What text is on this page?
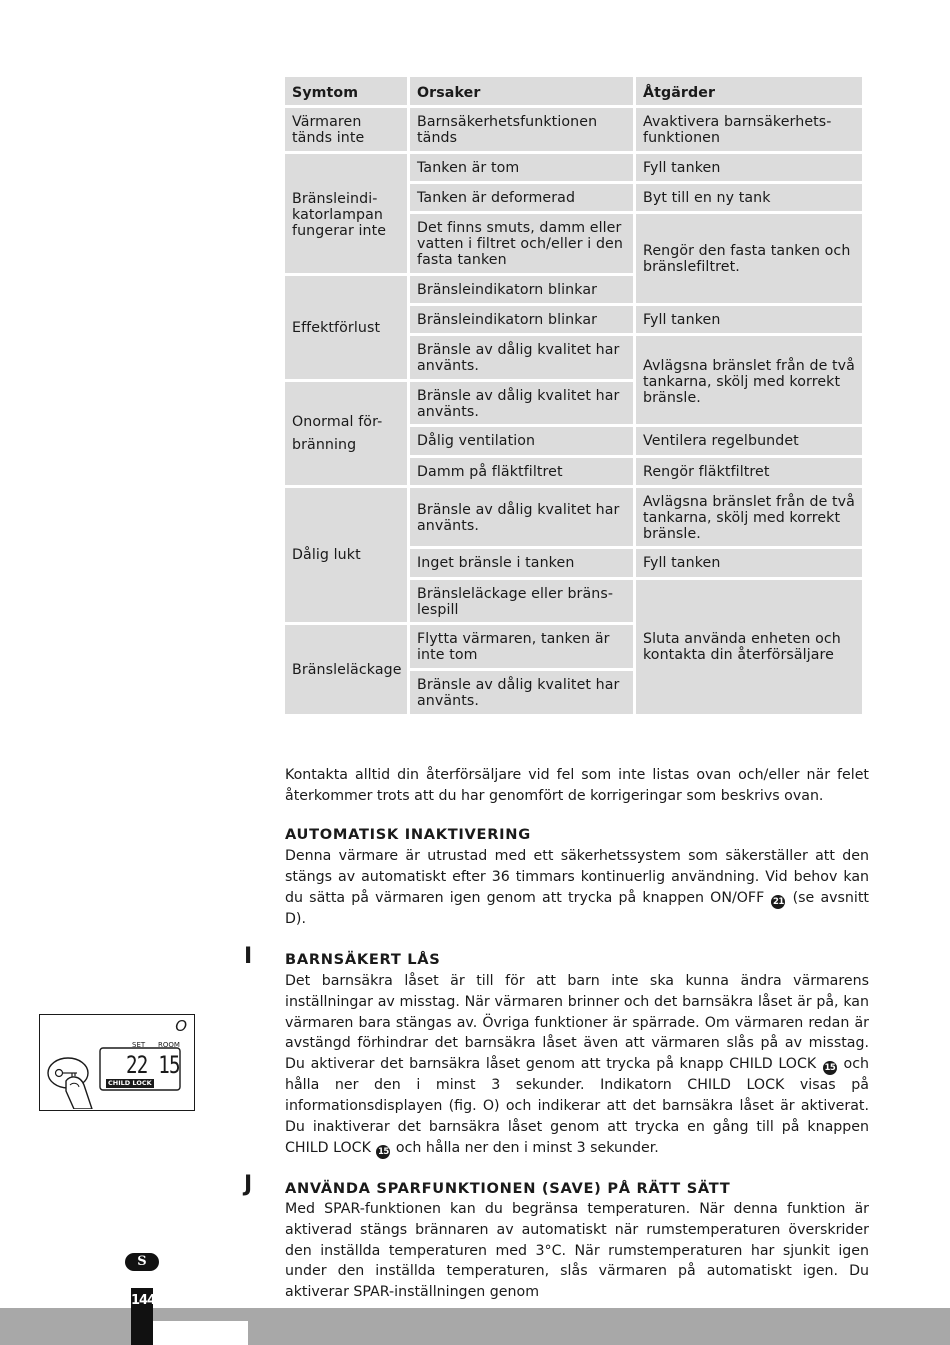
Symtom	Orsaker	Åtgärder
Värmaren
tänds inte
Bränsleindi-
katorlampan
fungerar inte
Effektförlust
Onormal för-
bränning
Dålig lukt
Bränsleläckage
Barnsäkerhetsfunktionen
tänds
Tanken är tom
Tanken är deformerad
Det finns smuts, damm eller
vatten i filtret och/eller i den
fasta tanken
Bränsleindikatorn blinkar
Bränsleindikatorn blinkar
Bränsle av dålig kvalitet har
använts.
Bränsle av dålig kvalitet har
använts.
Dålig ventilation
Damm på fläktfiltret
Bränsle av dålig kvalitet har
använts.
Inget bränsle i tanken
Bränsleläckage eller bräns-
lespill
Flytta värmaren, tanken är
inte tom
Bränsle av dålig kvalitet har
använts.
Avaktivera barnsäkerhets-
funktionen
Fyll tanken
Byt till en ny tank
Rengör den fasta tanken och
bränslefiltret.
Fyll tanken
Avlägsna bränslet från de två
tankarna, skölj med korrekt
bränsle.
Ventilera regelbundet
Rengör fläktfiltret
Avlägsna bränslet från de två
tankarna, skölj med korrekt
bränsle.
Fyll tanken
Sluta använda enheten och
kontakta din återförsäljare

Kontakta alltid din återförsäljare vid fel som inte listas ovan och/eller när felet återkommer trots att du har genomfört de korrigeringar som beskrivs ovan.

AUTOMATISK INAKTIVERING

Denna värmare är utrustad med ett säkerhetssystem som säkerställer att den stängs av automatiskt efter 36 timmars kontinuerlig användning. Vid behov kan du sätta på värmaren igen genom att trycka på knappen ON/OFF 21 (se avsnitt D).

I BARNSÄKERT LÅS

Det barnsäkra låset är till för att barn inte ska kunna ändra värmarens inställningar av misstag. När värmaren brinner och det barnsäkra låset är på, kan värmaren bara stängas av. Övriga funktioner är spärrade. Om värmaren redan är avstängd förhindrar det barnsäkra låset även att värmaren slås på av misstag. Du aktiverar det barnsäkra låset genom att trycka på knapp CHILD LOCK 15 och hålla ner den i minst 3 sekunder. Indikatorn CHILD LOCK visas på informationsdisplayen (fig. O) och indikerar att det barnsäkra låset är aktiverat. Du inaktiverar det barnsäkra låset genom att trycka en gång till på knappen CHILD LOCK 15 och hålla ner den i minst 3 sekunder.

J ANVÄNDA SPARFUNKTIONEN (SAVE) PÅ RÄTT SÄTT

Med SPAR-funktionen kan du begränsa temperaturen. När denna funktion är aktiverad stängs brännaren av automatiskt när rumstemperaturen överskrider den inställda temperaturen med 3°C. När rumstemperaturen har sjunkit igen under den inställda temperaturen, slås värmaren på automatiskt igen. Du aktiverar SPAR-inställningen genom

O
SET ROOM
22 15
CHILD LOCK
S
144
